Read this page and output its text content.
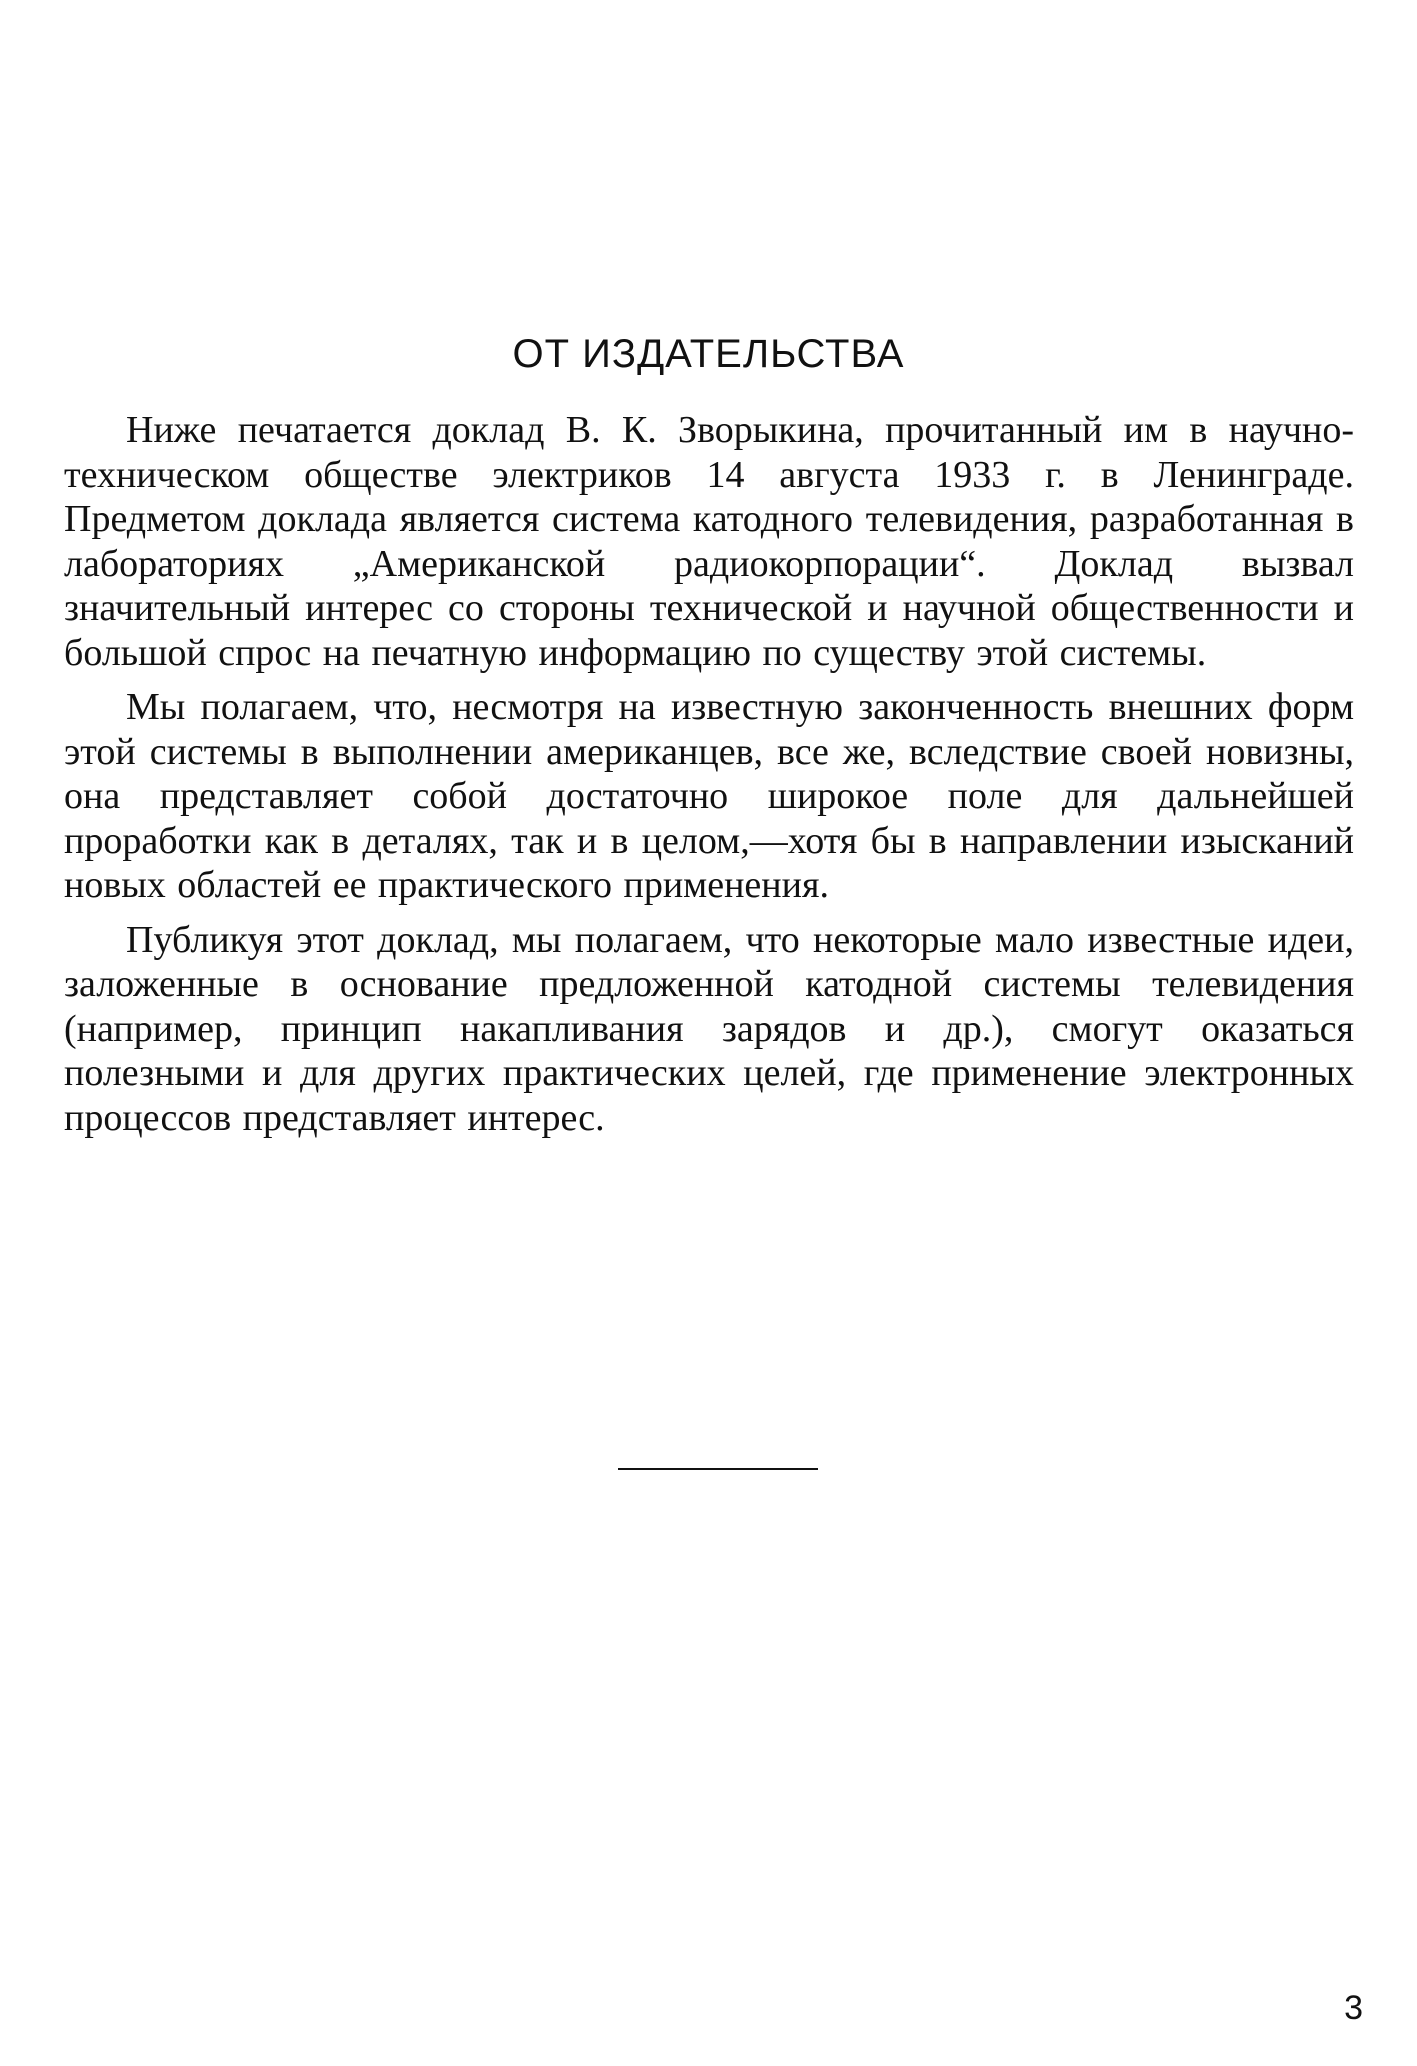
ОТ ИЗДАТЕЛЬСТВА

Ниже печатается доклад В. К. Зворыкина, прочитанный им в научно-техническом обществе электриков 14 августа 1933 г. в Ленинграде. Предметом доклада является система катодного телевидения, разработанная в лабораториях „Американской радиокорпорации“. Доклад вызвал значительный интерес со стороны технической и научной общественности и большой спрос на печатную информацию по существу этой системы.

Мы полагаем, что, несмотря на известную законченность внешних форм этой системы в выполнении американцев, все же, вследствие своей новизны, она представляет собой достаточно широкое поле для дальнейшей проработки как в деталях, так и в целом,—хотя бы в направлении изысканий новых областей ее практического применения.

Публикуя этот доклад, мы полагаем, что некоторые мало известные идеи, заложенные в основание предложенной катодной системы телевидения (например, принцип накапливания зарядов и др.), смогут оказаться полезными и для других практических целей, где применение электронных процессов представляет интерес.

3
